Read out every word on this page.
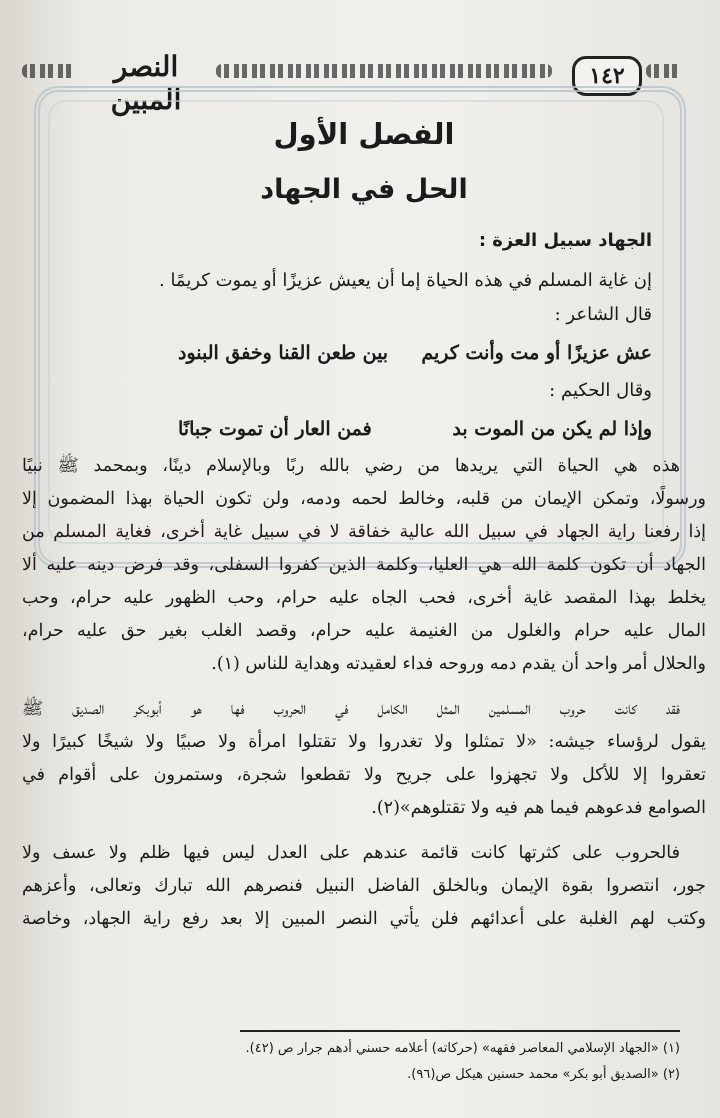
النصر المبين
١٤٢
الفصل الأول
الحل في الجهاد
الجهاد سبيل العزة :
إن غاية المسلم في هذه الحياة إما أن يعيش عزيزًا أو يموت كريمًا .
قال الشاعر :
عش عزيزًا أو مت وأنت كريم
بين طعن القنا وخفق البنود
وقال الحكيم :
وإذا لم يكن من الموت بد
فمن العار أن تموت جبانًا
هذه هي الحياة التي يريدها من رضي بالله ربًا وبالإسلام دينًا، وبمحمد ﷺ نبيًا
ورسولًا، وتمكن الإيمان من قلبه، وخالط لحمه ودمه، ولن تكون الحياة بهذا المضمون إلا
إذا رفعنا راية الجهاد في سبيل الله عالية خفاقة لا في سبيل غاية أخرى، فغاية المسلم من
الجهاد أن تكون كلمة الله هي العليا، وكلمة الذين كفروا السفلى، وقد فرض دينه عليه ألا
يخلط بهذا المقصد غاية أخرى، فحب الجاه عليه حرام، وحب الظهور عليه حرام، وحب
المال عليه حرام والغلول من الغنيمة عليه حرام، وقصد الغلب بغير حق عليه حرام،
والحلال أمر واحد أن يقدم دمه وروحه فداء لعقيدته وهداية للناس (١).
فقد كانت حروب المسلمين المثل الكامل في الحروب فها هو أبوبكر الصديق ﷺ
يقول لرؤساء جيشه: «لا تمثلوا ولا تغدروا ولا تقتلوا امرأة ولا صبيًا ولا شيخًا كبيرًا ولا
تعقروا إلا للأكل ولا تجهزوا على جريح ولا تقطعوا شجرة، وستمرون على أقوام في
الصوامع فدعوهم فيما هم فيه ولا تقتلوهم»(٢).
فالحروب على كثرتها كانت قائمة عندهم على العدل ليس فيها ظلم ولا عسف ولا
جور، انتصروا بقوة الإيمان وبالخلق الفاضل النبيل فنصرهم الله تبارك وتعالى، وأعزهم
وكتب لهم الغلبة على أعدائهم فلن يأتي النصر المبين إلا بعد رفع راية الجهاد، وخاصة
(١) «الجهاد الإسلامي المعاصر فقهه» (حركاته) أعلامه حسني أدهم جرار ص (٤٢).
(٢) «الصديق أبو بكر» محمد حسنين هيكل ص(٩٦).
